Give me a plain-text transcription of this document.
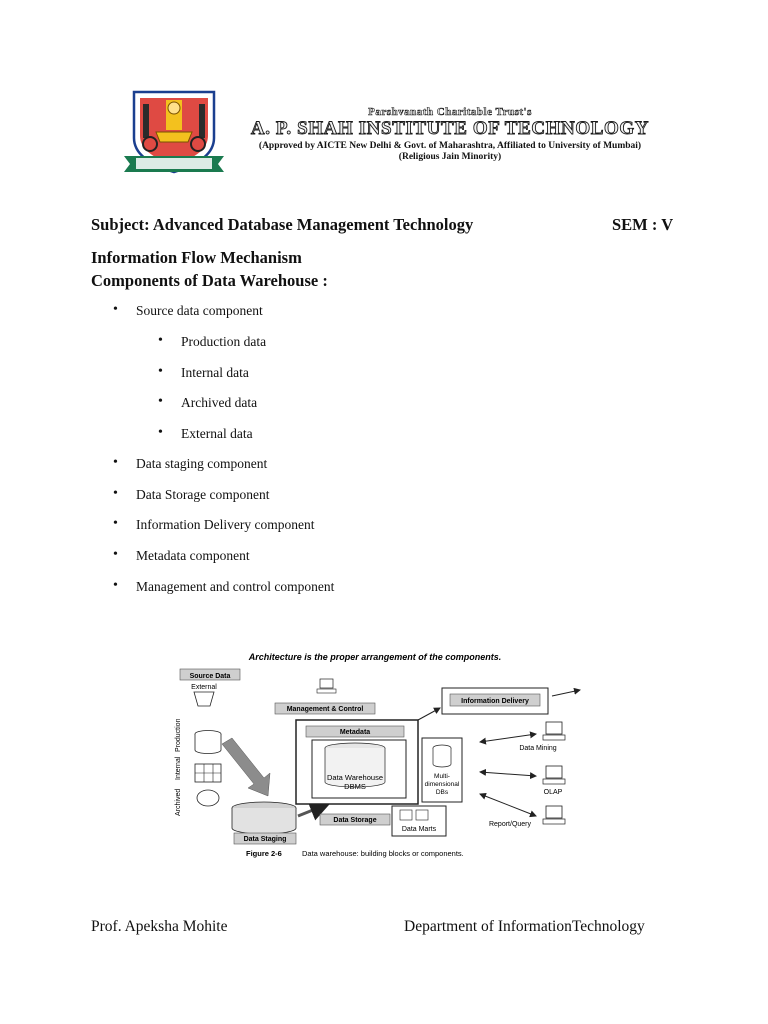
Parshvanath Charitable Trust's
A. P. SHAH INSTITUTE OF TECHNOLOGY
(Approved by AICTE New Delhi & Govt. of Maharashtra, Affiliated to University of Mumbai)
(Religious Jain Minority)
Subject: Advanced Database Management Technology	SEM : V
Information Flow Mechanism
Components of Data Warehouse :
• Source data component
• Production data
• Internal data
• Archived data
• External data
• Data staging component
• Data Storage component
• Information Delivery component
• Metadata component
• Management and control component
Architecture is the proper arrangement of the components.
Source Data
External
Archived
Internal
Production
Data Staging
Management & Control
Metadata
Data Warehouse
DBMS
Multi-
dimensional
DBs
Data Storage
Data Marts
Information Delivery
Data Mining
OLAP
Report/Query
Figure 2-6	Data warehouse: building blocks or components.
Prof. Apeksha Mohite	Department of InformationTechnology
